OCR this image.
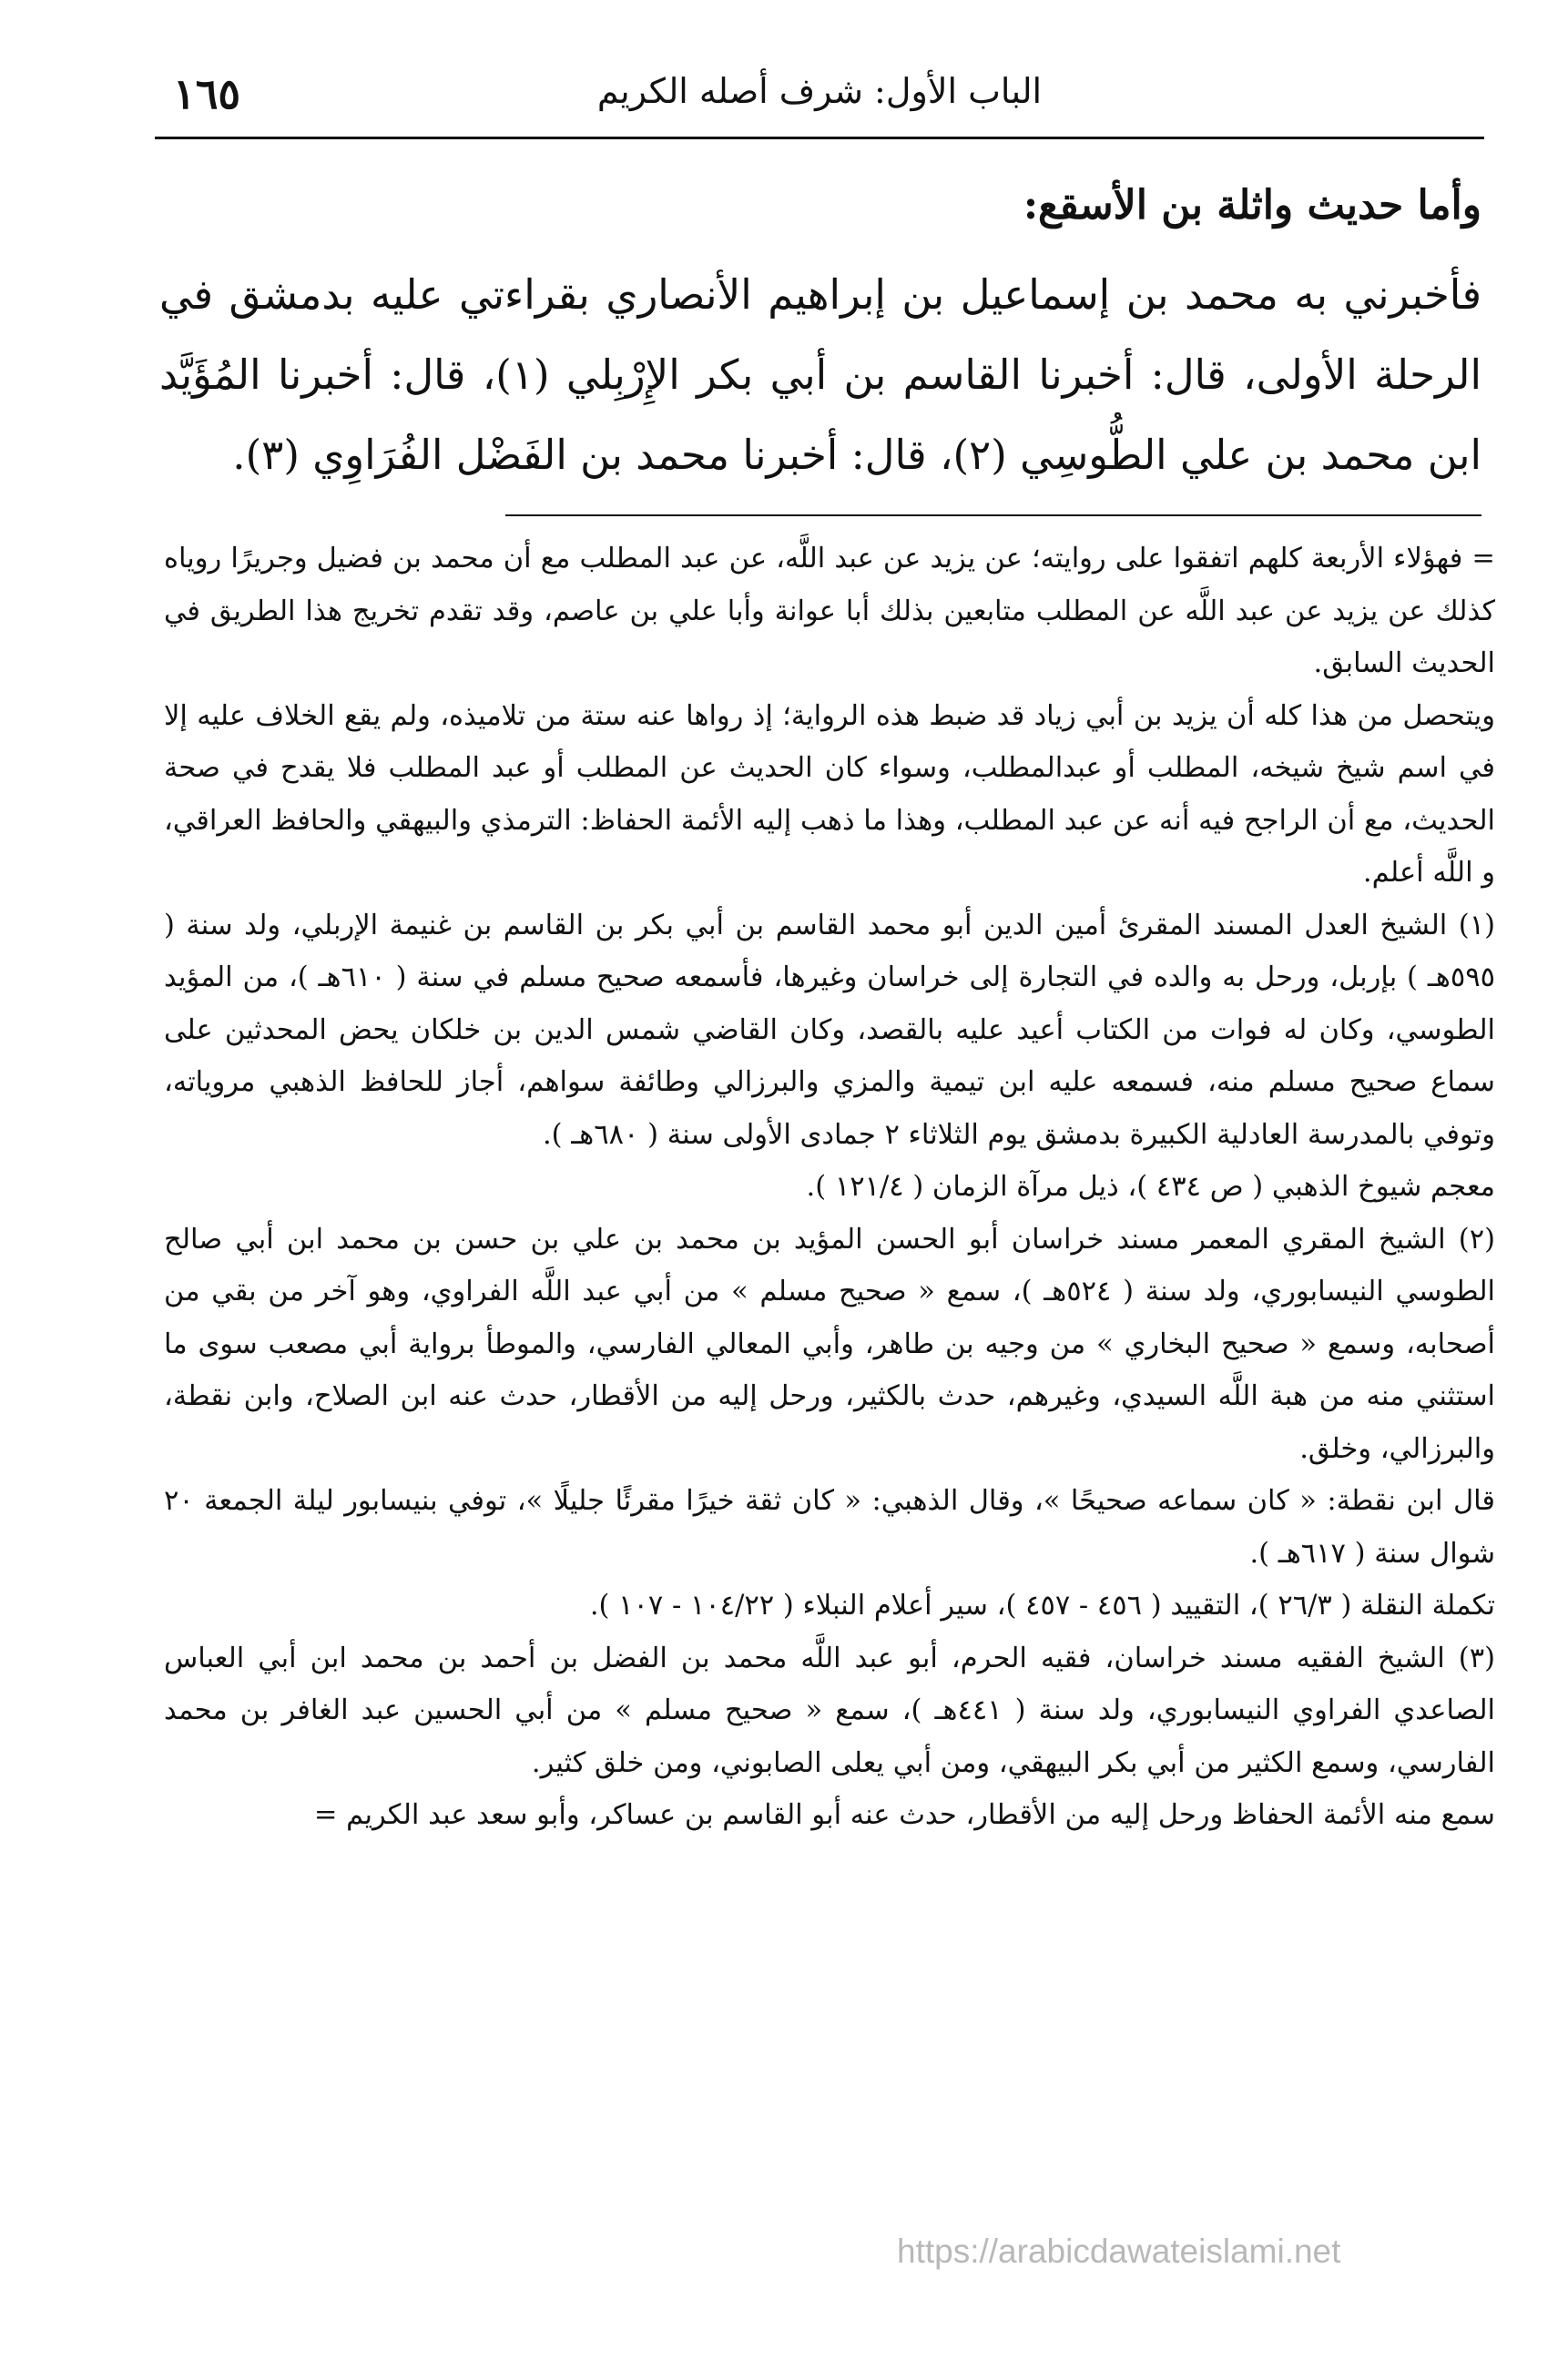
١٦٥	الباب الأول: شرف أصله الكريم
وأما حديث واثلة بن الأسقع:

فأخبرني به محمد بن إسماعيل بن إبراهيم الأنصاري بقراءتي عليه بدمشق في الرحلة الأولى، قال: أخبرنا القاسم بن أبي بكر الإِرْبِلي (١)، قال: أخبرنا المُؤَيَّد ابن محمد بن علي الطُّوسِي (٢)، قال: أخبرنا محمد بن الفَضْل الفُرَاوِي (٣).

= فهؤلاء الأربعة كلهم اتفقوا على روايته؛ عن يزيد عن عبد اللَّه، عن عبد المطلب مع أن محمد بن فضيل وجريرًا روياه كذلك عن يزيد عن عبد اللَّه عن المطلب متابعين بذلك أبا عوانة وأبا علي بن عاصم، وقد تقدم تخريج هذا الطريق في الحديث السابق.

ويتحصل من هذا كله أن يزيد بن أبي زياد قد ضبط هذه الرواية؛ إذ رواها عنه ستة من تلاميذه، ولم يقع الخلاف عليه إلا في اسم شيخ شيخه، المطلب أو عبدالمطلب، وسواء كان الحديث عن المطلب أو عبد المطلب فلا يقدح في صحة الحديث، مع أن الراجح فيه أنه عن عبد المطلب، وهذا ما ذهب إليه الأئمة الحفاظ: الترمذي والبيهقي والحافظ العراقي، و اللَّه أعلم.

(١) الشيخ العدل المسند المقرئ أمين الدين أبو محمد القاسم بن أبي بكر بن القاسم بن غنيمة الإربلي، ولد سنة ( ٥٩٥هـ ) بإربل، ورحل به والده في التجارة إلى خراسان وغيرها، فأسمعه صحيح مسلم في سنة ( ٦١٠هـ )، من المؤيد الطوسي، وكان له فوات من الكتاب أعيد عليه بالقصد، وكان القاضي شمس الدين بن خلكان يحض المحدثين على سماع صحيح مسلم منه، فسمعه عليه ابن تيمية والمزي والبرزالي وطائفة سواهم، أجاز للحافظ الذهبي مروياته، وتوفي بالمدرسة العادلية الكبيرة بدمشق يوم الثلاثاء ٢ جمادى الأولى سنة ( ٦٨٠هـ ).

معجم شيوخ الذهبي ( ص ٤٣٤ )، ذيل مرآة الزمان ( ١٢١/٤ ).

(٢) الشيخ المقري المعمر مسند خراسان أبو الحسن المؤيد بن محمد بن علي بن حسن بن محمد ابن أبي صالح الطوسي النيسابوري، ولد سنة ( ٥٢٤هـ )، سمع « صحيح مسلم » من أبي عبد اللَّه الفراوي، وهو آخر من بقي من أصحابه، وسمع « صحيح البخاري » من وجيه بن طاهر، وأبي المعالي الفارسي، والموطأ برواية أبي مصعب سوى ما استثني منه من هبة اللَّه السيدي، وغيرهم، حدث بالكثير، ورحل إليه من الأقطار، حدث عنه ابن الصلاح، وابن نقطة، والبرزالي، وخلق.

قال ابن نقطة: « كان سماعه صحيحًا »، وقال الذهبي: « كان ثقة خيرًا مقرئًا جليلًا »، توفي بنيسابور ليلة الجمعة ٢٠ شوال سنة ( ٦١٧هـ ).

تكملة النقلة ( ٢٦/٣ )، التقييد ( ٤٥٦ - ٤٥٧ )، سير أعلام النبلاء ( ١٠٤/٢٢ - ١٠٧ ).

(٣) الشيخ الفقيه مسند خراسان، فقيه الحرم، أبو عبد اللَّه محمد بن الفضل بن أحمد بن محمد ابن أبي العباس الصاعدي الفراوي النيسابوري، ولد سنة ( ٤٤١هـ )، سمع « صحيح مسلم » من أبي الحسين عبد الغافر بن محمد الفارسي، وسمع الكثير من أبي بكر البيهقي، ومن أبي يعلى الصابوني، ومن خلق كثير.

سمع منه الأئمة الحفاظ ورحل إليه من الأقطار، حدث عنه أبو القاسم بن عساكر، وأبو سعد عبد الكريم =

https://arabicdawateislami.net
